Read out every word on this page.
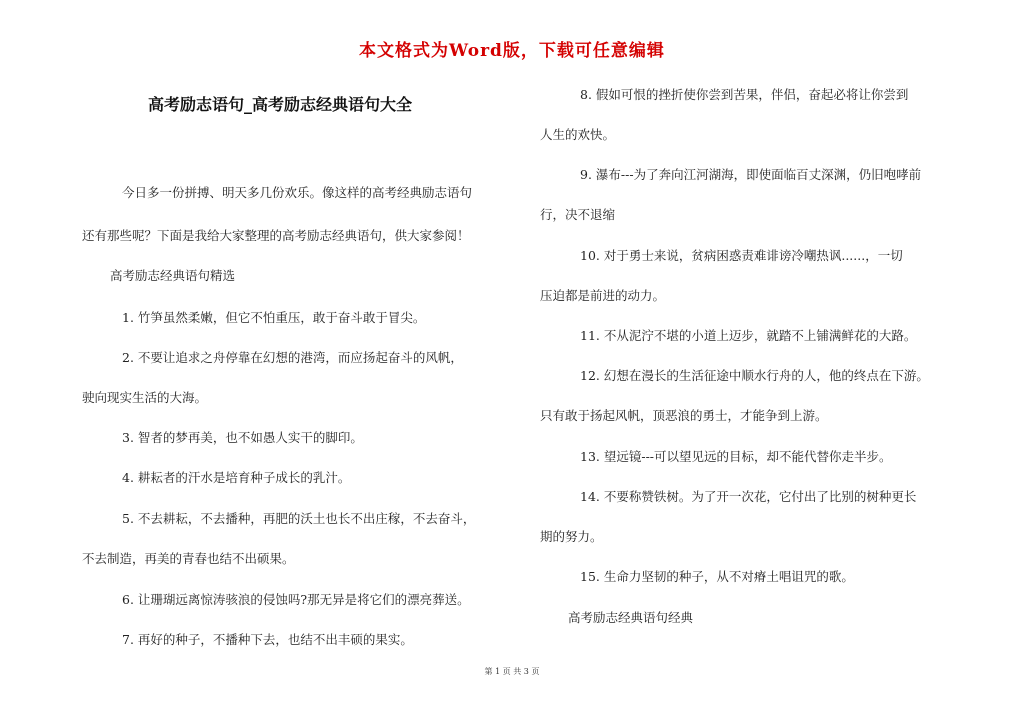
本文格式为Word版，下载可任意编辑
高考励志语句_高考励志经典语句大全
今日多一份拼搏、明天多几份欢乐。像这样的高考经典励志语句
还有那些呢？下面是我给大家整理的高考励志经典语句，供大家参阅！
高考励志经典语句精选
1. 竹笋虽然柔嫩，但它不怕重压，敢于奋斗敢于冒尖。
2. 不要让追求之舟停靠在幻想的港湾，而应扬起奋斗的风帆，
驶向现实生活的大海。
3. 智者的梦再美，也不如愚人实干的脚印。
4. 耕耘者的汗水是培育种子成长的乳汁。
5. 不去耕耘，不去播种，再肥的沃土也长不出庄稼，不去奋斗，
不去制造，再美的青春也结不出硕果。
6. 让珊瑚远离惊涛骇浪的侵蚀吗?那无异是将它们的漂亮葬送。
7. 再好的种子，不播种下去，也结不出丰硕的果实。
8. 假如可恨的挫折使你尝到苦果，伴侣，奋起必将让你尝到
人生的欢快。
9. 瀑布---为了奔向江河湖海，即使面临百丈深渊，仍旧咆哮前
行，决不退缩
10. 对于勇士来说，贫病困惑责难诽谤冷嘲热讽......，一切
压迫都是前进的动力。
11. 不从泥泞不堪的小道上迈步，就踏不上铺满鲜花的大路。
12. 幻想在漫长的生活征途中顺水行舟的人，他的终点在下游。
只有敢于扬起风帆，顶恶浪的勇士，才能争到上游。
13. 望远镜---可以望见远的目标，却不能代替你走半步。
14. 不要称赞铁树。为了开一次花，它付出了比别的树种更长
期的努力。
15. 生命力坚韧的种子，从不对瘠土唱诅咒的歌。
高考励志经典语句经典
第 1 页 共 3 页
